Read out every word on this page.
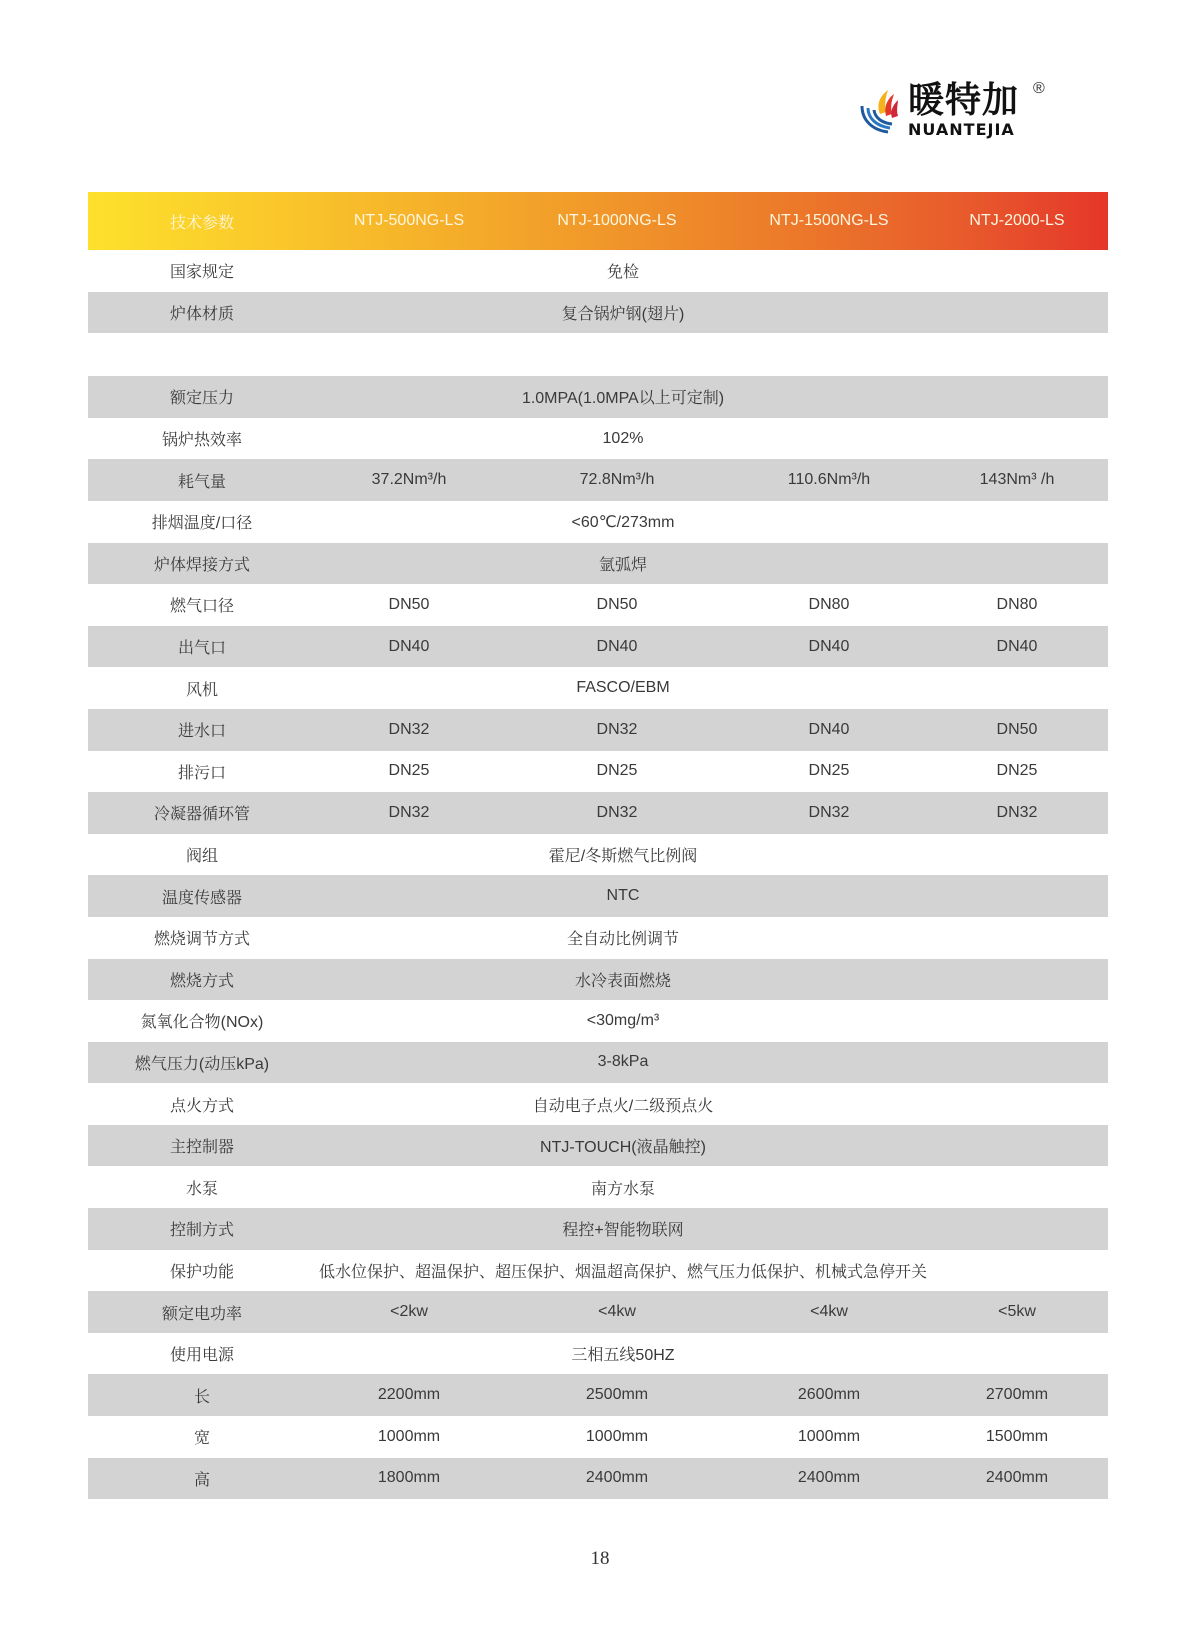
暖特加 ®
NUANTEJIA
技术参数	NTJ-500NG-LS	NTJ-1000NG-LS	NTJ-1500NG-LS	NTJ-2000-LS
国家规定	免检
炉体材质	复合锅炉钢(翅片)
额定压力	1.0MPA(1.0MPA以上可定制)
锅炉热效率	102%
耗气量	37.2Nm³/h	72.8Nm³/h	110.6Nm³/h	143Nm³ /h
排烟温度/口径	<60℃/273mm
炉体焊接方式	氩弧焊
燃气口径	DN50	DN50	DN80	DN80
出气口	DN40	DN40	DN40	DN40
风机	FASCO/EBM
进水口	DN32	DN32	DN40	DN50
排污口	DN25	DN25	DN25	DN25
冷凝器循环管	DN32	DN32	DN32	DN32
阀组	霍尼/冬斯燃气比例阀
温度传感器	NTC
燃烧调节方式	全自动比例调节
燃烧方式	水冷表面燃烧
氮氧化合物(NOx)	<30mg/m³
燃气压力(动压kPa)	3-8kPa
点火方式	自动电子点火/二级预点火
主控制器	NTJ-TOUCH(液晶触控)
水泵	南方水泵
控制方式	程控+智能物联网
保护功能	低水位保护、超温保护、超压保护、烟温超高保护、燃气压力低保护、机械式急停开关
额定电功率	<2kw	<4kw	<4kw	<5kw
使用电源	三相五线50HZ
长	2200mm	2500mm	2600mm	2700mm
宽	1000mm	1000mm	1000mm	1500mm
高	1800mm	2400mm	2400mm	2400mm
18
